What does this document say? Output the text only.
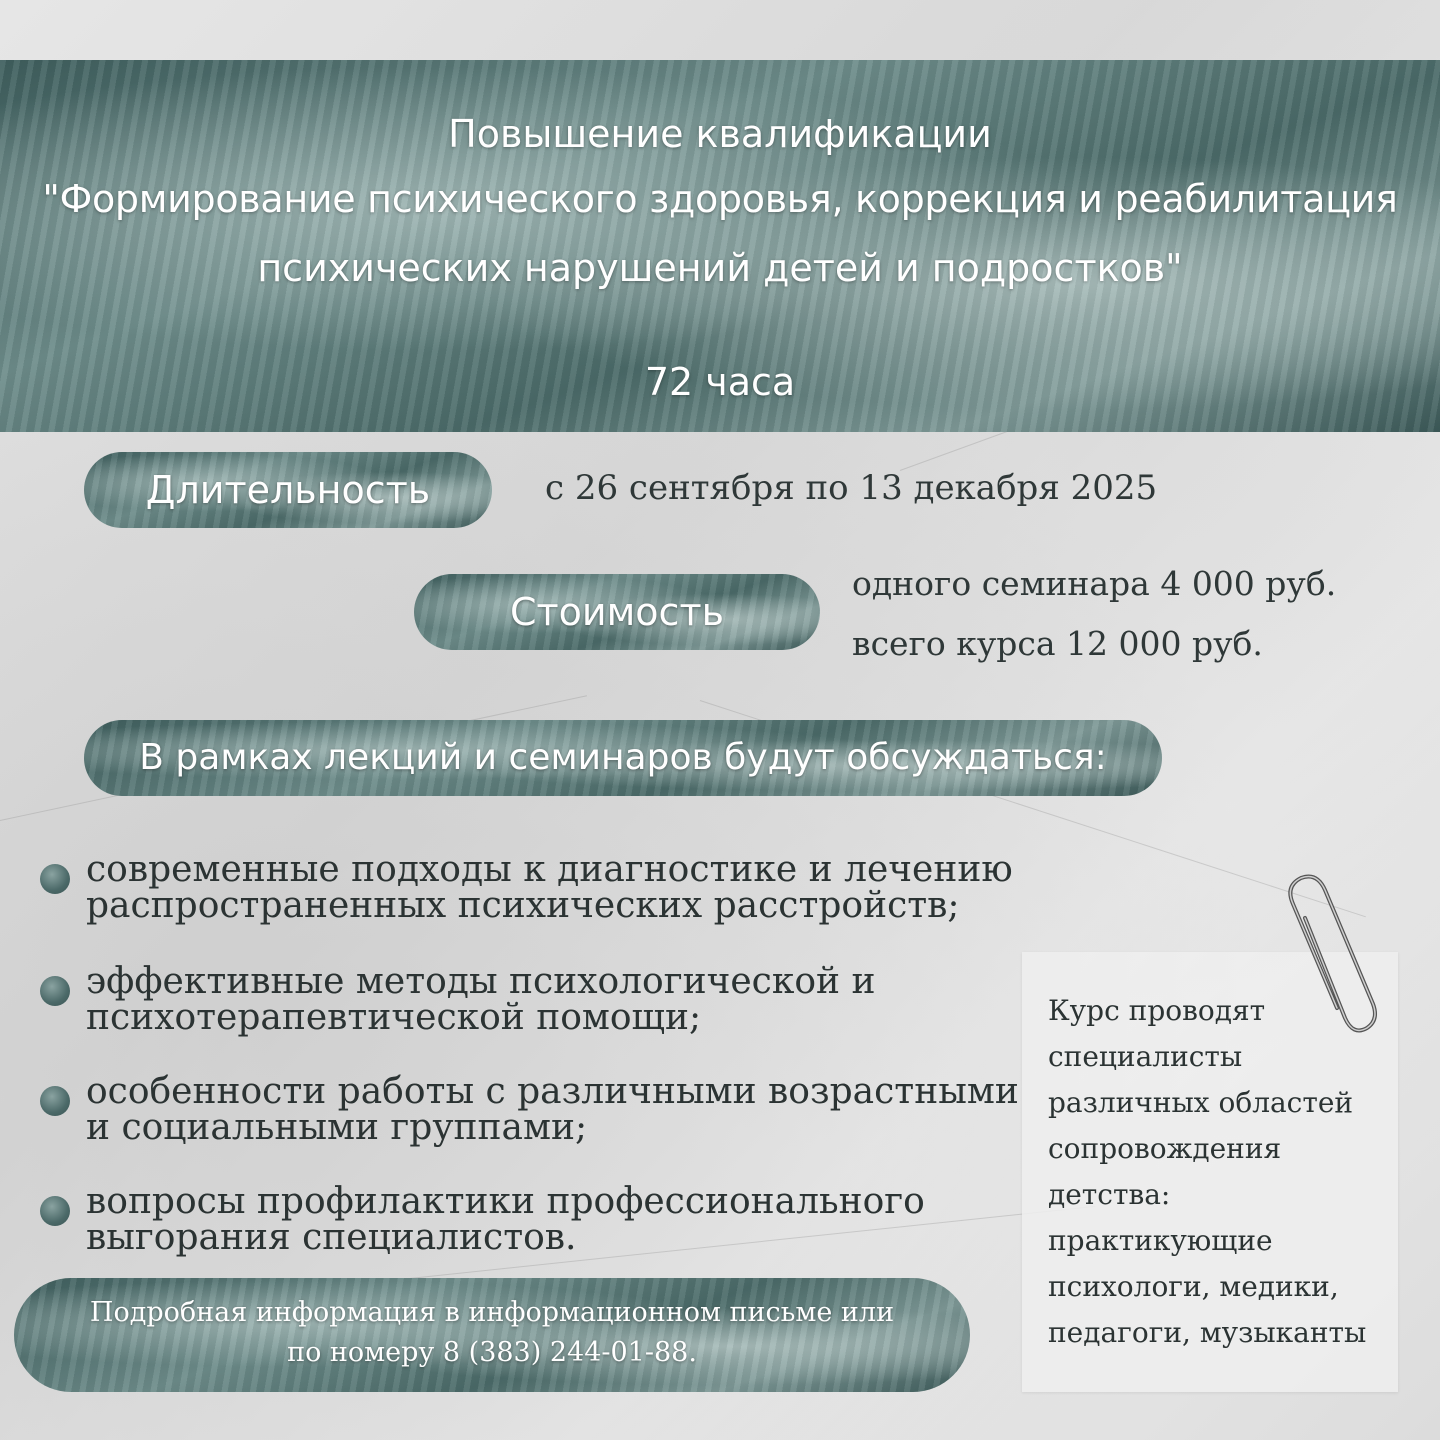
Повышение квалификации
"Формирование психического здоровья, коррекция и реабилитация
психических нарушений детей и подростков"
72 часа
Длительность	с 26 сентября по 13 декабря 2025
Стоимость
одного семинара 4 000 руб.
всего курса 12 000 руб.
В рамках лекций и семинаров будут обсуждаться:
современные подходы к диагностике и лечению
распространенных психических расстройств;
эффективные методы психологической и
психотерапевтической помощи;
особенности работы с различными возрастными
и социальными группами;
вопросы профилактики профессионального
выгорания специалистов.
Подробная информация в информационном письме или
по номеру 8 (383) 244-01-88.
Курс проводят
специалисты
различных областей
сопровождения
детства:
практикующие
психологи, медики,
педагоги, музыканты
